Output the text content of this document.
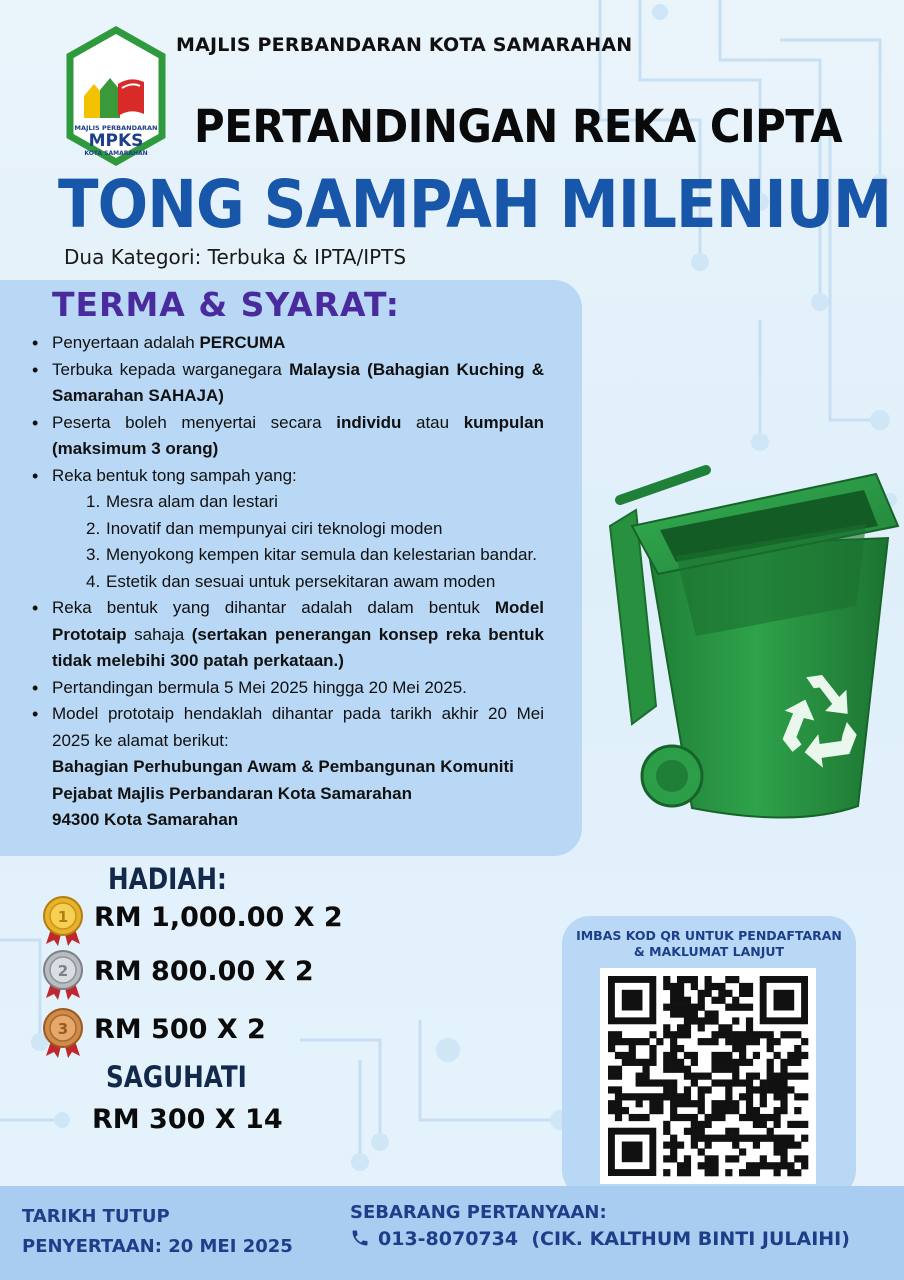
MAJLIS PERBANDARAN
MPKS
KOTA SAMARAHAN
MAJLIS PERBANDARAN KOTA SAMARAHAN
PERTANDINGAN REKA CIPTA
TONG SAMPAH MILENIUM
Dua Kategori: Terbuka & IPTA/IPTS
TERMA & SYARAT:
• Penyertaan adalah PERCUMA
• Terbuka kepada warganegara Malaysia (Bahagian Kuching & Samarahan SAHAJA)
• Peserta boleh menyertai secara individu atau kumpulan (maksimum 3 orang)
• Reka bentuk tong sampah yang:
1. Mesra alam dan lestari
2. Inovatif dan mempunyai ciri teknologi moden
3. Menyokong kempen kitar semula dan kelestarian bandar.
4. Estetik dan sesuai untuk persekitaran awam moden
• Reka bentuk yang dihantar adalah dalam bentuk Model Prototaip sahaja (sertakan penerangan konsep reka bentuk tidak melebihi 300 patah perkataan.)
• Pertandingan bermula 5 Mei 2025 hingga 20 Mei 2025.
• Model prototaip hendaklah dihantar pada tarikh akhir 20 Mei 2025 ke alamat berikut:
Bahagian Perhubungan Awam & Pembangunan Komuniti
Pejabat Majlis Perbandaran Kota Samarahan
94300 Kota Samarahan
HADIAH:
1 RM 1,000.00 X 2
2 RM 800.00 X 2
3 RM 500 X 2
SAGUHATI
RM 300 X 14
IMBAS KOD QR UNTUK PENDAFTARAN & MAKLUMAT LANJUT
TARIKH TUTUP
PENYERTAAN: 20 MEI 2025
SEBARANG PERTANYAAN:
013-8070734 (CIK. KALTHUM BINTI JULAIHI)
